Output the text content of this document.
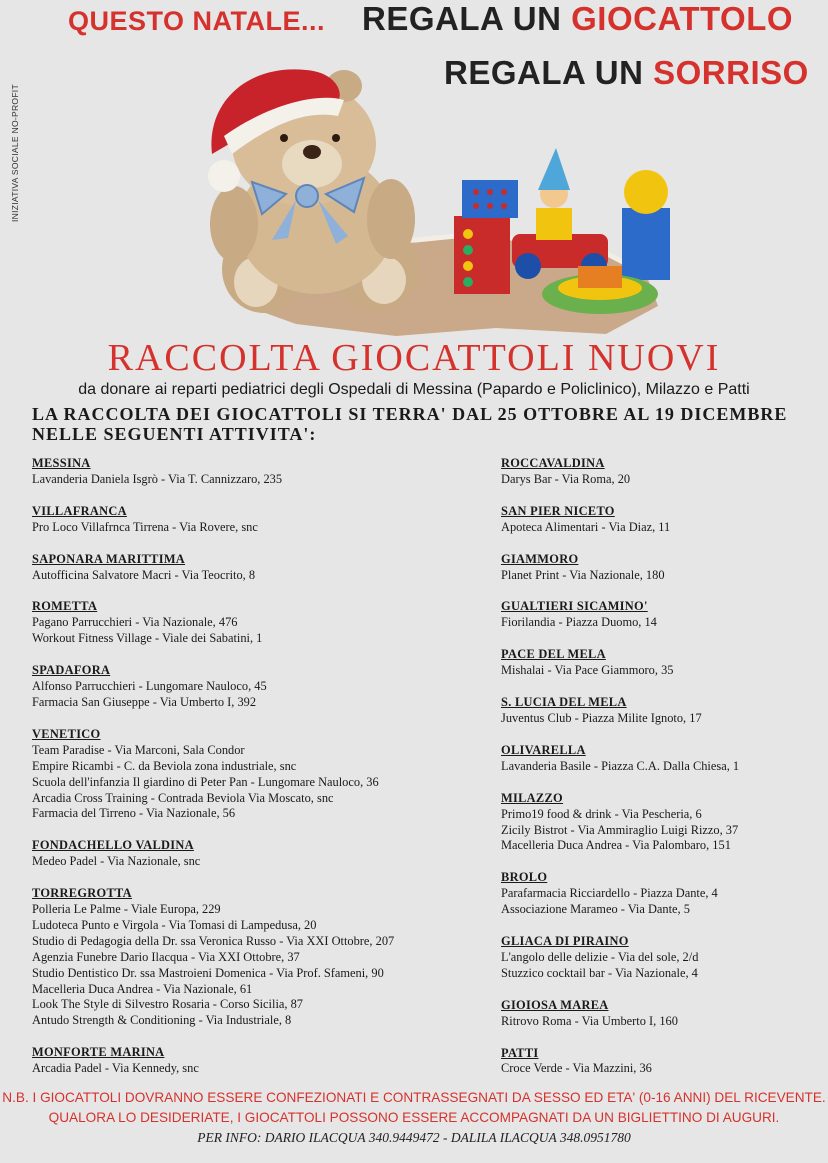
QUESTO NATALE... REGALA UN GIOCATTOLO
REGALA UN SORRISO
INIZIATIVA SOCIALE NO-PROFIT
RACCOLTA GIOCATTOLI NUOVI
da donare ai reparti pediatrici degli Ospedali di Messina (Papardo e Policlinico), Milazzo e Patti
LA RACCOLTA DEI GIOCATTOLI SI TERRA' DAL 25 OTTOBRE AL 19 DICEMBRE
NELLE SEGUENTI ATTIVITA':
MESSINA
Lavanderia Daniela Isgrò - Via T. Cannizzaro, 235
VILLAFRANCA
Pro Loco Villafrnca Tirrena - Via Rovere, snc
SAPONARA MARITTIMA
Autofficina Salvatore Macri - Via Teocrito, 8
ROMETTA
Pagano Parrucchieri - Via Nazionale, 476
Workout Fitness Village - Viale dei Sabatini, 1
SPADAFORA
Alfonso Parrucchieri - Lungomare Nauloco, 45
Farmacia San Giuseppe - Via Umberto I, 392
VENETICO
Team Paradise - Via Marconi, Sala Condor
Empire Ricambi - C. da Beviola zona industriale, snc
Scuola dell'infanzia Il giardino di Peter Pan - Lungomare Nauloco, 36
Arcadia Cross Training - Contrada Beviola Via Moscato, snc
Farmacia del Tirreno - Via Nazionale, 56
FONDACHELLO VALDINA
Medeo Padel - Via Nazionale, snc
TORREGROTTA
Polleria Le Palme - Viale Europa, 229
Ludoteca Punto e Virgola - Via Tomasi di Lampedusa, 20
Studio di Pedagogia della Dr. ssa Veronica Russo - Via XXI Ottobre, 207
Agenzia Funebre Dario Ilacqua - Via XXI Ottobre, 37
Studio Dentistico Dr. ssa Mastroieni Domenica - Via Prof. Sfameni, 90
Macelleria Duca Andrea - Via Nazionale, 61
Look The Style di Silvestro Rosaria - Corso Sicilia, 87
Antudo Strength & Conditioning - Via Industriale, 8
MONFORTE MARINA
Arcadia Padel - Via Kennedy, snc
ROCCAVALDINA
Darys Bar - Via Roma, 20
SAN PIER NICETO
Apoteca Alimentari - Via Diaz, 11
GIAMMORO
Planet Print - Via Nazionale, 180
GUALTIERI SICAMINO'
Fiorilandia - Piazza Duomo, 14
PACE DEL MELA
Mishalai - Via Pace Giammoro, 35
S. LUCIA DEL MELA
Juventus Club - Piazza Milite Ignoto, 17
OLIVARELLA
Lavanderia Basile - Piazza C.A. Dalla Chiesa, 1
MILAZZO
Primo19 food & drink - Via Pescheria, 6
Zicily Bistrot - Via Ammiraglio Luigi Rizzo, 37
Macelleria Duca Andrea - Via Palombaro, 151
BROLO
Parafarmacia Ricciardello - Piazza Dante, 4
Associazione Marameo - Via Dante, 5
GLIACA DI PIRAINO
L'angolo delle delizie - Via del sole, 2/d
Stuzzico cocktail bar - Via Nazionale, 4
GIOIOSA MAREA
Ritrovo Roma - Via Umberto I, 160
PATTI
Croce Verde - Via Mazzini, 36
N.B. I GIOCATTOLI DOVRANNO ESSERE CONFEZIONATI E CONTRASSEGNATI DA SESSO ED ETA' (0-16 ANNI) DEL RICEVENTE.
QUALORA LO DESIDERIATE, I GIOCATTOLI POSSONO ESSERE ACCOMPAGNATI DA UN BIGLIETTINO DI AUGURI.
PER INFO: DARIO ILACQUA 340.9449472 - DALILA ILACQUA 348.0951780
